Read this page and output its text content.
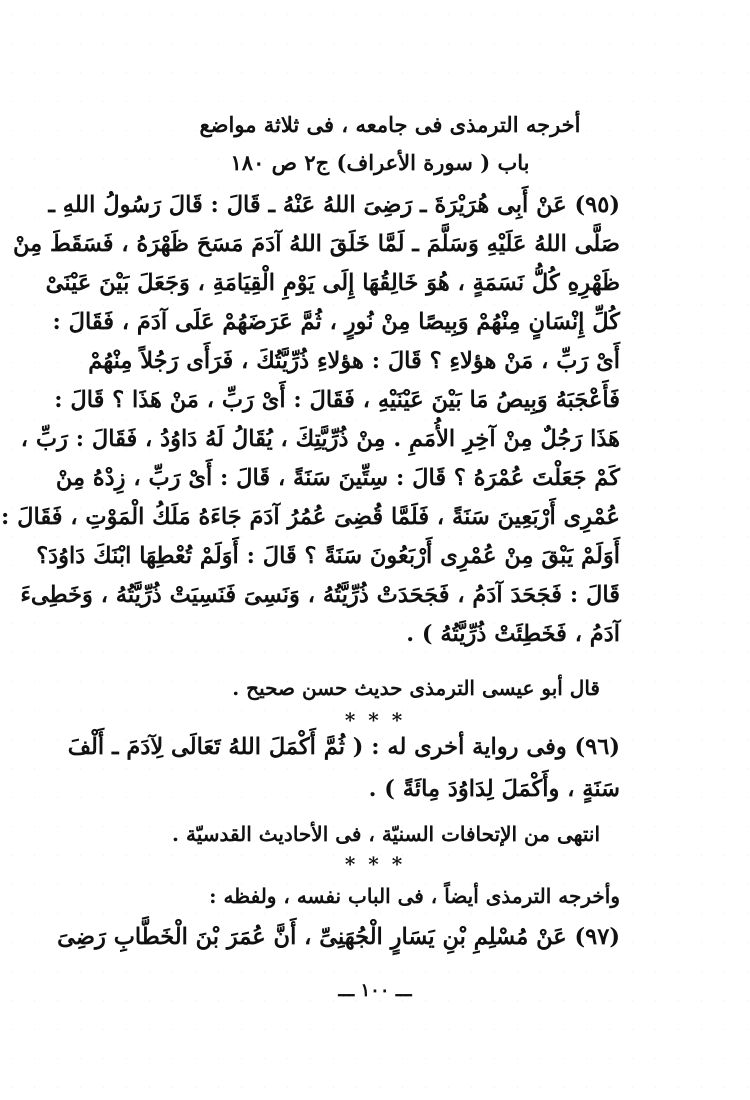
أخرجه الترمذى فى جامعه ، فى ثلاثة مواضع
باب ( سورة الأعراف) ج٢ ص ١٨٠
(٩٥) عَنْ أَبِى هُرَيْرَةَ ـ رَضِىَ اللهُ عَنْهُ ـ قَالَ : قَالَ رَسُولُ اللهِ ـ
صَلَّى اللهُ عَلَيْهِ وَسَلَّمَ ـ لَمَّا خَلَقَ اللهُ آدَمَ مَسَحَ ظَهْرَهُ ، فَسَقَطَ مِنْ
ظَهْرِهِ كُلُّ نَسَمَةٍ ، هُوَ خَالِقُهَا إِلَى يَوْمِ الْقِيَامَةِ ، وَجَعَلَ بَيْنَ عَيْنَىْ
كُلِّ إِنْسَانٍ مِنْهُمْ وَبِيصًا مِنْ نُورٍ ، ثُمَّ عَرَضَهُمْ عَلَى آدَمَ ، فَقَالَ :
أَىْ رَبِّ ، مَنْ هؤلاءِ ؟ قَالَ : هؤلاءِ ذُرِّيَّتُكَ ، فَرَأَى رَجُلاً مِنْهُمْ
فَأَعْجَبَهُ وَبِيصُ مَا بَيْنَ عَيْنَيْهِ ، فَقَالَ : أَىْ رَبِّ ، مَنْ هَذَا ؟ قَالَ :
هَذَا رَجُلٌ مِنْ آخِرِ الأُمَمِ . مِنْ ذُرِّيَّتِكَ ، يُقَالُ لَهُ دَاوُدُ ، فَقَالَ : رَبِّ ،
كَمْ جَعَلْتَ عُمْرَهُ ؟ قَالَ : سِتِّينَ سَنَةً ، قَالَ : أَىْ رَبِّ ، زِدْهُ مِنْ
عُمْرِى أَرْبَعِينَ سَنَةً ، فَلَمَّا قُضِىَ عُمُرُ آدَمَ جَاءَهُ مَلَكُ الْمَوْتِ ، فَقَالَ :
أَوَلَمْ يَبْقَ مِنْ عُمْرِى أَرْبَعُونَ سَنَةً ؟ قَالَ : أَوَلَمْ تُعْطِهَا ابْنَكَ دَاوُدَ؟
قَالَ : فَجَحَدَ آدَمُ ، فَجَحَدَتْ ذُرِّيَّتُهُ ، وَنَسِىَ فَنَسِيَتْ ذُرِّيَّتُهُ ، وَخَطِىءَ
آدَمُ ، فَخَطِئَتْ ذُرِّيَّتُهُ ) .
قال أبو عيسى الترمذى حديث حسن صحيح .
* * *
(٩٦) وفى رواية أخرى له : ( ثُمَّ أَكْمَلَ اللهُ تَعَالَى لِآدَمَ ـ أَلْفَ
سَنَةٍ ، وأَكْمَلَ لِدَاوُدَ مِائَةً ) .
انتهى من الإتحافات السنيّة ، فى الأحاديث القدسيّة .
* * *
وأخرجه الترمذى أيضاً ، فى الباب نفسه ، ولفظه :
(٩٧) عَنْ مُسْلِمِ بْنِ يَسَارٍ الْجُهَنِىِّ ، أَنَّ عُمَرَ بْنَ الْخَطَّابِ رَضِىَ
ـــ ١٠٠ ـــ
